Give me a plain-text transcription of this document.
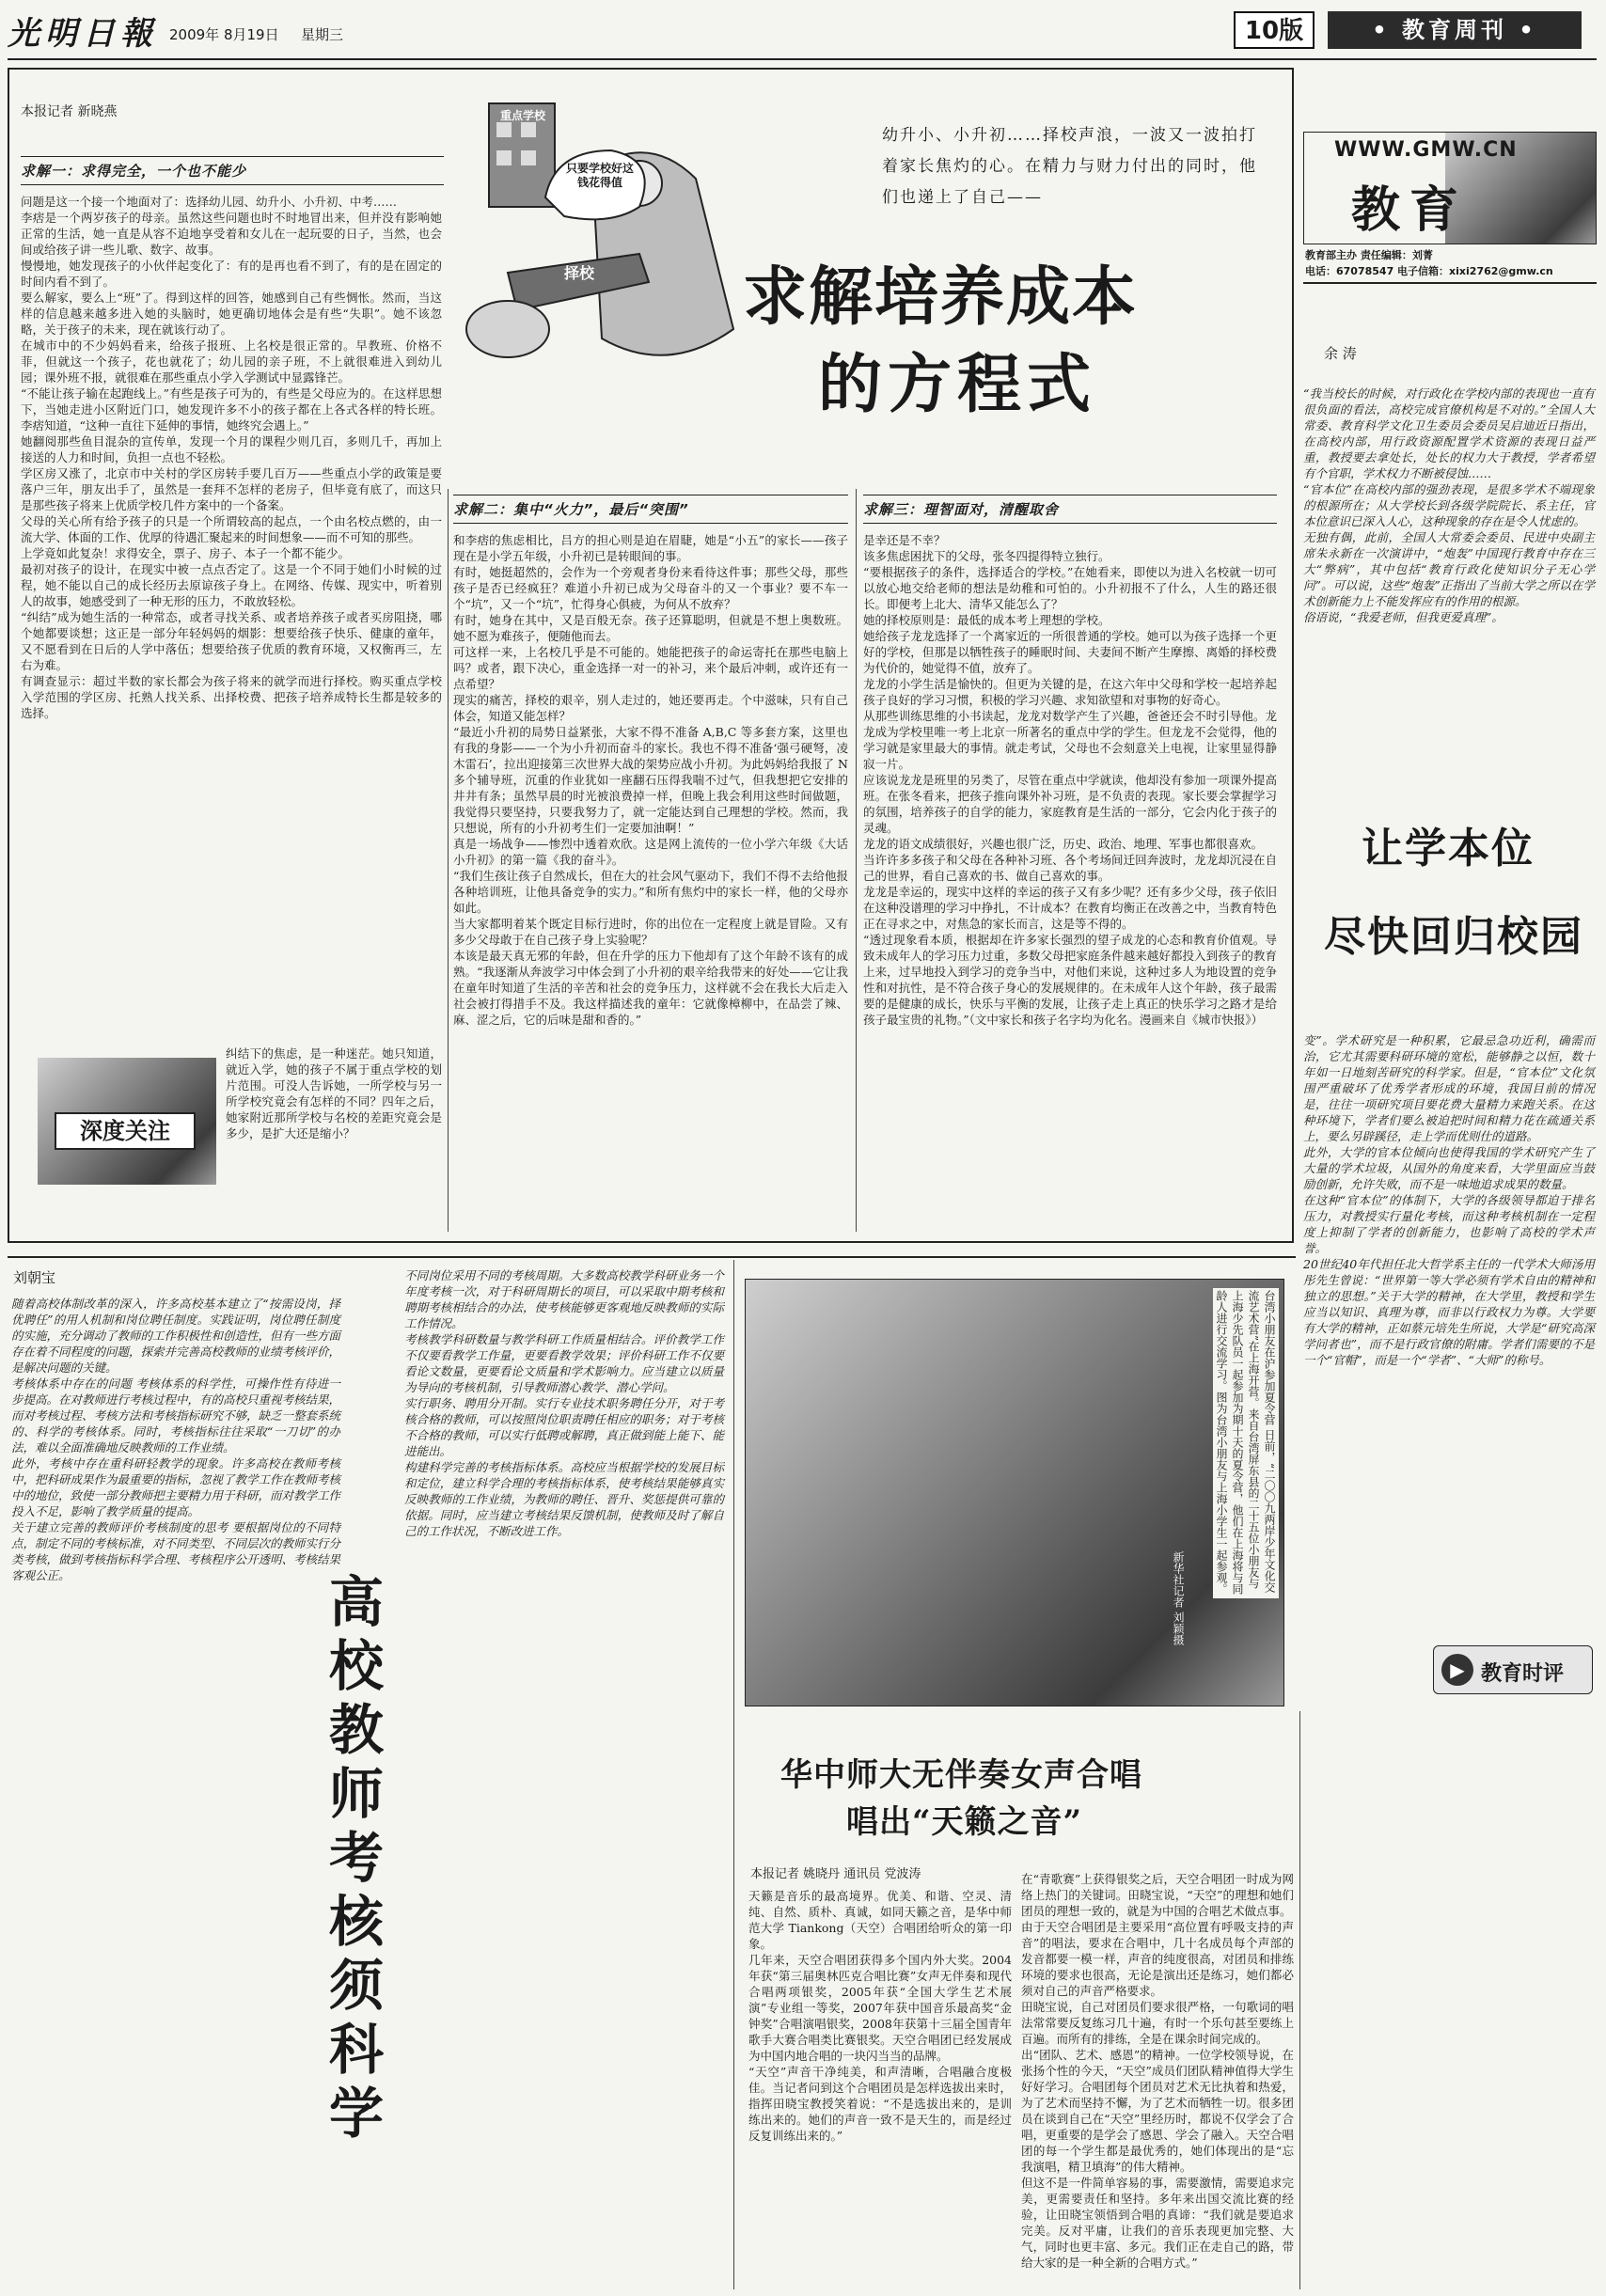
光明日報 2009年 8月19日 星期三	10版	• 教育周刊 •
本报记者 新晓燕	重点学校
只要学校好这钱花得值
择校
幼升小、小升初……择校声浪，一波又一波拍打着家长焦灼的心。在精力与财力付出的同时，他们也递上了自己——
求解培养成本
的方程式
求解一：求得完全，一个也不能少

问题是这一个接一个地面对了：选择幼儿园、幼升小、小升初、中考……
李痞是一个两岁孩子的母亲。虽然这些问题也时不时地冒出来，但并没有影响她正常的生活，她一直是从容不迫地享受着和女儿在一起玩耍的日子，当然，也会间或给孩子讲一些儿歌、数字、故事。
慢慢地，她发现孩子的小伙伴起变化了：有的是再也看不到了，有的是在固定的时间内看不到了。
要么解家，要么上“班”了。得到这样的回答，她感到自己有些惆怅。然而，当这样的信息越来越多进入她的头脑时，她更确切地体会是有些“失职”。她不该忽略，关于孩子的未来，现在就该行动了。
在城市中的不少妈妈看来，给孩子报班、上名校是很正常的。早教班、价格不菲，但就这一个孩子，花也就花了；幼儿园的亲子班，不上就很难进入到幼儿园；课外班不报，就很难在那些重点小学入学测试中显露锋芒。
“不能让孩子输在起跑线上。”有些是孩子可为的，有些是父母应为的。在这样思想下，当她走进小区附近门口，她发现许多不小的孩子都在上各式各样的特长班。李痞知道，“这种一直往下延伸的事情，她终究会遇上。”
她翻阅那些鱼目混杂的宣传单，发现一个月的课程少则几百，多则几千，再加上接送的人力和时间，负担一点也不轻松。
学区房又涨了，北京市中关村的学区房转手要几百万——些重点小学的政策是要落户三年，朋友出手了，虽然是一套拜不怎样的老房子，但毕竟有底了，而这只是那些孩子将来上优质学校几件方案中的一个备案。
父母的关心所有给予孩子的只是一个所谓较高的起点，一个由名校点燃的，由一流大学、体面的工作、优厚的待遇汇聚起来的时间想象——而不可知的那些。
上学竟如此复杂！求得安全，票子、房子、本子一个都不能少。
最初对孩子的设计，在现实中被一点点否定了。这是一个不同于她们小时候的过程，她不能以自己的成长经历去原谅孩子身上。在网络、传媒、现实中，听着别人的故事，她感受到了一种无形的压力，不敢放轻松。
“纠结”成为她生活的一种常态，或者寻找关系、或者培养孩子或者买房阻挠，哪个她都要谈想；这正是一部分年轻妈妈的烟影：想要给孩子快乐、健康的童年，又不愿看到在日后的人学中落伍；想要给孩子优质的教育环境，又权衡再三，左右为难。
有调查显示：超过半数的家长都会为孩子将来的就学而进行择校。购买重点学校入学范围的学区房、托熟人找关系、出择校费、把孩子培养成特长生都是较多的选择。

深度关注

纠结下的焦虑，是一种迷茫。她只知道，就近入学，她的孩子不属于重点学校的划片范围。可没人告诉她，一所学校与另一所学校究竟会有怎样的不同？四年之后，她家附近那所学校与名校的差距究竟会是多少，是扩大还是缩小？

求解二：集中“火力”，最后“突围”

和李痞的焦虑相比，吕方的担心则是迫在眉睫，她是“小五”的家长——孩子现在是小学五年级，小升初已是转眼间的事。
有时，她挺超然的，会作为一个旁观者身份来看待这件事；那些父母，那些孩子是否已经疯狂？难道小升初已成为父母奋斗的又一个事业？要不车一个“坑”，又一个“坑”，忙得身心俱疲，为何从不放弃？
有时，她身在其中，又是百般无奈。孩子还算聪明，但就是不想上奥数班。她不愿为难孩子，便随他而去。
可这样一来，上名校几乎是不可能的。她能把孩子的命运寄托在那些电脑上吗？或者，跟下决心，重金选择一对一的补习，来个最后冲刺，或许还有一点希望？
现实的痛苦，择校的艰辛，别人走过的，她还要再走。个中滋味，只有自己体会，知道又能怎样？
“最近小升初的局势日益紧张，大家不得不准备 A,B,C 等多套方案，这里也有我的身影——一个为小升初而奋斗的家长。我也不得不准备‘强弓硬弩，凌木雷石’，拉出迎接第三次世界大战的架势应战小升初。为此妈妈给我报了 N 多个辅导班，沉重的作业犹如一座翻石压得我喘不过气，但我想把它安排的井井有条；虽然早晨的时光被浪费掉一样，但晚上我会利用这些时间做题，我觉得只要坚持，只要我努力了，就一定能达到自己理想的学校。然而，我只想说，所有的小升初考生们一定要加油啊！”
真是一场战争——惨烈中透着欢欣。这是网上流传的一位小学六年级《大话小升初》的第一篇《我的奋斗》。
“我们生孩让孩子自然成长，但在大的社会风气驱动下，我们不得不去给他报各种培训班，让他具备竞争的实力。”和所有焦灼中的家长一样，他的父母亦如此。
当大家都明着某个既定目标行进时，你的出位在一定程度上就是冒险。又有多少父母敢于在自己孩子身上实验呢？
本该是最天真无邪的年龄，但在升学的压力下他却有了这个年龄不该有的成熟。“我逐渐从奔波学习中体会到了小升初的艰辛给我带来的好处——它让我在童年时知道了生活的辛苦和社会的竞争压力，这样就不会在我长大后走入社会被打得措手不及。我这样描述我的童年：它就像樟柳中，在品尝了辣、麻、涩之后，它的后味是甜和香的。”

求解三：理智面对，清醒取舍

是幸还是不幸？
该多焦虑困扰下的父母，张冬四提得特立独行。
“要根据孩子的条件，选择适合的学校。”在她看来，即使以为进入名校就一切可以放心地交给老师的想法是幼稚和可怕的。小升初报不了什么，人生的路还很长。即便考上北大、清华又能怎么了？
她的择校原则是：最低的成本考上理想的学校。
她给孩子龙龙选择了一个离家近的一所很普通的学校。她可以为孩子选择一个更好的学校，但那是以牺牲孩子的睡眠时间、夫妻间不断产生摩擦、离婚的择校费为代价的，她觉得不值，放弃了。
龙龙的小学生活是愉快的。但更为关键的是，在这六年中父母和学校一起培养起孩子良好的学习习惯，积极的学习兴趣、求知欲望和对事物的好奇心。
从那些训练思维的小书读起，龙龙对数学产生了兴趣，爸爸还会不时引导他。龙龙成为学校里唯一考上北京一所著名的重点中学的学生。但龙龙不会觉得，他的学习就是家里最大的事情。就走考试，父母也不会刻意关上电视，让家里显得静寂一片。
应该说龙龙是班里的另类了，尽管在重点中学就读，他却没有参加一项课外提高班。在张冬看来，把孩子推向课外补习班，是不负责的表现。家长要会掌握学习的氛围，培养孩子的自学的能力，家庭教育是生活的一部分，它会内化于孩子的灵魂。
龙龙的语文成绩很好，兴趣也很广泛，历史、政治、地理、军事也都很喜欢。
当许许多多孩子和父母在各种补习班、各个考场间迁回奔波时，龙龙却沉浸在自己的世界，看自己喜欢的书、做自己喜欢的事。
龙龙是幸运的，现实中这样的幸运的孩子又有多少呢？还有多少父母，孩子依旧在这种没谱理的学习中挣扎，不计成本？在教育均衡正在改善之中，当教育特色正在寻求之中，对焦急的家长而言，这是等不得的。
“透过现象看本质，根据却在许多家长强烈的望子成龙的心态和教育价值观。导致未成年人的学习压力过重，多数父母把家庭条件越来越好都投入到孩子的教育上来，过早地投入到学习的竞争当中，对他们来说，这种过多人为地设置的竞争性和对抗性，是不符合孩子身心的发展规律的。在未成年人这个年龄，孩子最需要的是健康的成长，快乐与平衡的发展，让孩子走上真正的快乐学习之路才是给孩子最宝贵的礼物。”（文中家长和孩子名字均为化名。漫画来自《城市快报》）

WWW.GMW.CN
教育
教育部主办 责任编辑：刘菁
电话：67078547 电子信箱：xixi2762@gmw.cn
余 涛

“我当校长的时候，对行政化在学校内部的表现也一直有很负面的看法，高校完成官僚机构是不对的。”全国人大常委、教育科学文化卫生委员会委员吴启迪近日指出，在高校内部，用行政资源配置学术资源的表现日益严重，教授要去拿处长，处长的权力大于教授，学者希望有个官职，学术权力不断被侵蚀……
“官本位”在高校内部的强劲表现，是很多学术不端现象的根源所在；从大学校长到各级学院院长、系主任，官本位意识已深入人心，这种现象的存在是令人忧虑的。
无独有偶，此前，全国人大常委会委员、民进中央副主席朱永新在一次演讲中，“炮轰”中国现行教育中存在三大“弊病”，其中包括“教育行政化使知识分子无心学问”。可以说，这些“炮轰”正指出了当前大学之所以在学术创新能力上不能发挥应有的作用的根源。
俗语说，“我爱老师，但我更爱真理”。

让学本位
尽快回归校园

变”。学术研究是一种积累，它最忌急功近利，确需而治，它尤其需要科研环境的宽松，能够静之以恒，数十年如一日地刻苦研究的科学家。但是，“官本位”文化氛围严重破坏了优秀学者形成的环境，我国目前的情况是，往往一项研究项目要花费大量精力来跑关系。在这种环境下，学者们要么被迫把时间和精力花在疏通关系上，要么另辟蹊径，走上学而优则仕的道路。
此外，大学的官本位倾向也使得我国的学术研究产生了大量的学术垃圾，从国外的角度来看，大学里面应当鼓励创新，允许失败，而不是一味地追求成果的数量。
在这种“官本位”的体制下，大学的各级领导都迫于排名压力，对教授实行量化考核，而这种考核机制在一定程度上抑制了学者的创新能力，也影响了高校的学术声誉。
20世纪40年代担任北大哲学系主任的一代学术大师汤用彤先生曾说：“世界第一等大学必须有学术自由的精神和独立的思想。”关于大学的精神，在大学里，教授和学生应当以知识、真理为尊，而非以行政权力为尊。大学要有大学的精神，正如蔡元培先生所说，大学是“研究高深学问者也”，而不是行政官僚的附庸。学者们需要的不是一个“官帽”，而是一个“学者”、“大师”的称号。

▶ 教育时评
刘朝宝

随着高校体制改革的深入，许多高校基本建立了“按需设岗，择优聘任”的用人机制和岗位聘任制度。实践证明，岗位聘任制度的实施，充分调动了教师的工作积极性和创造性，但有一些方面存在着不同程度的问题，探索并完善高校教师的业绩考核评价，是解决问题的关键。
考核体系中存在的问题 考核体系的科学性，可操作性有待进一步提高。在对教师进行考核过程中，有的高校只重视考核结果，而对考核过程、考核方法和考核指标研究不够，缺乏一整套系统的、科学的考核体系。同时，考核指标往往采取“一刀切”的办法，难以全面准确地反映教师的工作业绩。
此外，考核中存在重科研轻教学的现象。许多高校在教师考核中，把科研成果作为最重要的指标，忽视了教学工作在教师考核中的地位，致使一部分教师把主要精力用于科研，而对教学工作投入不足，影响了教学质量的提高。
关于建立完善的教师评价考核制度的思考 要根据岗位的不同特点，制定不同的考核标准，对不同类型、不同层次的教师实行分类考核，做到考核指标科学合理、考核程序公开透明、考核结果客观公正。	高校教师考核须科学

不同岗位采用不同的考核周期。大多数高校教学科研业务一个年度考核一次，对于科研周期长的项目，可以采取中期考核和聘期考核相结合的办法，使考核能够更客观地反映教师的实际工作情况。
考核教学科研数量与教学科研工作质量相结合。评价教学工作不仅要看教学工作量，更要看教学效果；评价科研工作不仅要看论文数量，更要看论文质量和学术影响力。应当建立以质量为导向的考核机制，引导教师潜心教学、潜心学问。
实行职务、聘用分开制。实行专业技术职务聘任分开，对于考核合格的教师，可以按照岗位职责聘任相应的职务；对于考核不合格的教师，可以实行低聘或解聘，真正做到能上能下、能进能出。
构建科学完善的考核指标体系。高校应当根据学校的发展目标和定位，建立科学合理的考核指标体系，使考核结果能够真实反映教师的工作业绩，为教师的聘任、晋升、奖惩提供可靠的依据。同时，应当建立考核结果反馈机制，使教师及时了解自己的工作状况，不断改进工作。	台湾小朋友在沪参加夏令营 日前，“二〇〇九两岸少年文化交流艺术营”在上海开营。来自台湾屏东县的二十五位小朋友与上海少先队员一起参加为期十天的夏令营，他们在上海将与同龄人进行交流学习。图为台湾小朋友与上海小学生一起参观。
新华社记者 刘颖摄
华中师大无伴奏女声合唱
唱出“天籁之音”
本报记者 姚晓丹 通讯员 党波涛

天籁是音乐的最高境界。优美、和谐、空灵、清纯、自然、质朴、真诚，如同天籁之音，是华中师范大学 Tiankong（天空）合唱团给听众的第一印象。
几年来，天空合唱团获得多个国内外大奖。2004年获“第三届奥林匹克合唱比赛”女声无伴奏和现代合唱两项银奖，2005年获“全国大学生艺术展演”专业组一等奖，2007年获中国音乐最高奖“金钟奖”合唱演唱银奖，2008年获第十三届全国青年歌手大赛合唱类比赛银奖。天空合唱团已经发展成为中国内地合唱的一块闪当当的品牌。
“天空”声音干净纯美，和声清晰，合唱融合度极佳。当记者问到这个合唱团员是怎样选拔出来时，指挥田晓宝教授笑着说：“不是选拔出来的，是训练出来的。她们的声音一致不是天生的，而是经过反复训练出来的。”

在“青歌赛”上获得银奖之后，天空合唱团一时成为网络上热门的关键词。田晓宝说，“天空”的理想和她们团员的理想一致的，就是为中国的合唱艺术做点事。
由于天空合唱团是主要采用“高位置有呼吸支持的声音”的唱法，要求在合唱中，几十名成员每个声部的发音都要一模一样，声音的纯度很高，对团员和排练环境的要求也很高，无论是演出还是练习，她们都必须对自己的声音严格要求。
田晓宝说，自己对团员们要求很严格，一句歌词的唱法常常要反复练习几十遍，有时一个乐句甚至要练上百遍。而所有的排练，全是在课余时间完成的。
出“团队、艺术、感恩”的精神。一位学校领导说，在张扬个性的今天，“天空”成员们团队精神值得大学生好好学习。合唱团每个团员对艺术无比执着和热爱，为了艺术而坚持不懈，为了艺术而牺牲一切。很多团员在谈到自己在“天空”里经历时，都说不仅学会了合唱，更重要的是学会了感恩、学会了融入。天空合唱团的每一个学生都是最优秀的，她们体现出的是“忘我演唱，精卫填海”的伟大精神。
但这不是一件简单容易的事，需要激情，需要追求完美，更需要责任和坚持。多年来出国交流比赛的经验，让田晓宝领悟到合唱的真谛：“我们就是要追求完美。反对平庸，让我们的音乐表现更加完整、大气，同时也更丰富、多元。我们正在走自己的路，带给大家的是一种全新的合唱方式。”
